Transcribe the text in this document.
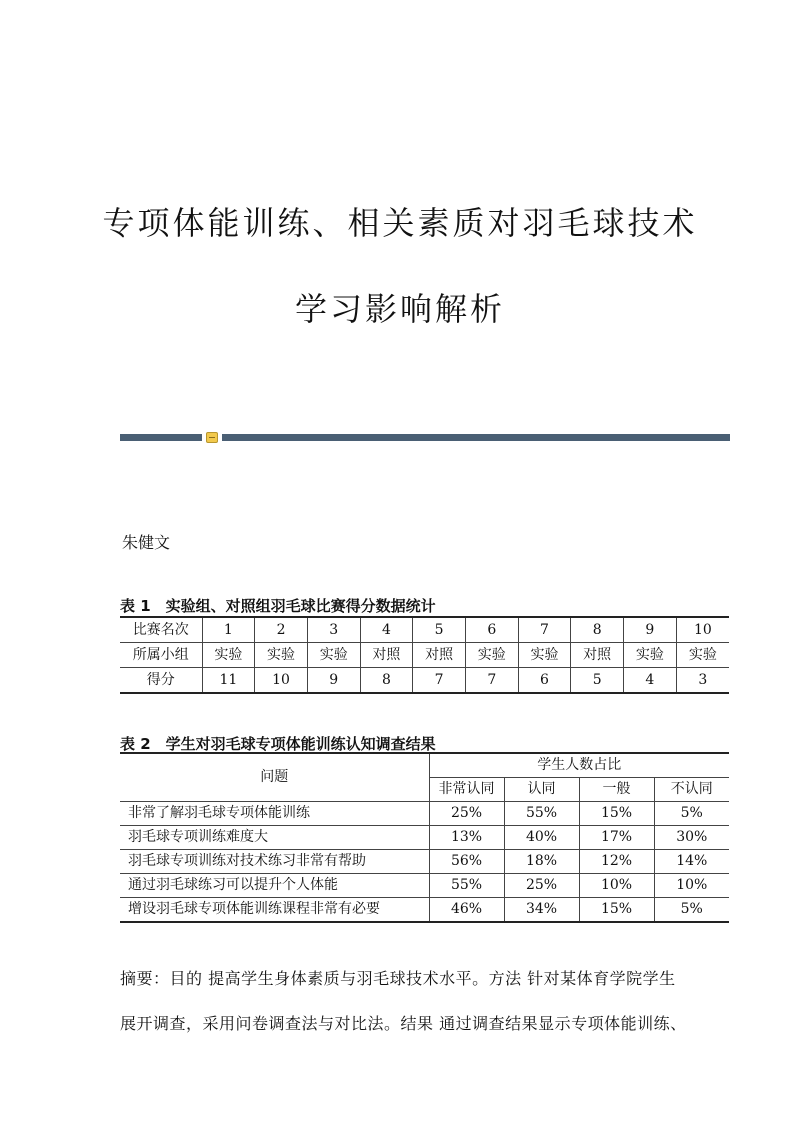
专项体能训练、相关素质对羽毛球技术
学习影响解析
朱健文
表 1　实验组、对照组羽毛球比赛得分数据统计
比赛名次	1	2	3	4	5	6	7	8	9	10
所属小组	实验	实验	实验	对照	对照	实验	实验	对照	实验	实验
得分	11	10	9	8	7	7	6	5	4	3
表 2　学生对羽毛球专项体能训练认知调查结果
问题	学生人数占比			
	非常认同	认同	一般	不认同
非常了解羽毛球专项体能训练	25%	55%	15%	5%
羽毛球专项训练难度大	13%	40%	17%	30%
羽毛球专项训练对技术练习非常有帮助	56%	18%	12%	14%
通过羽毛球练习可以提升个人体能	55%	25%	10%	10%
增设羽毛球专项体能训练课程非常有必要	46%	34%	15%	5%
摘要：目的 提高学生身体素质与羽毛球技术水平。方法 针对某体育学院学生
展开调查，采用问卷调查法与对比法。结果 通过调查结果显示专项体能训练、
